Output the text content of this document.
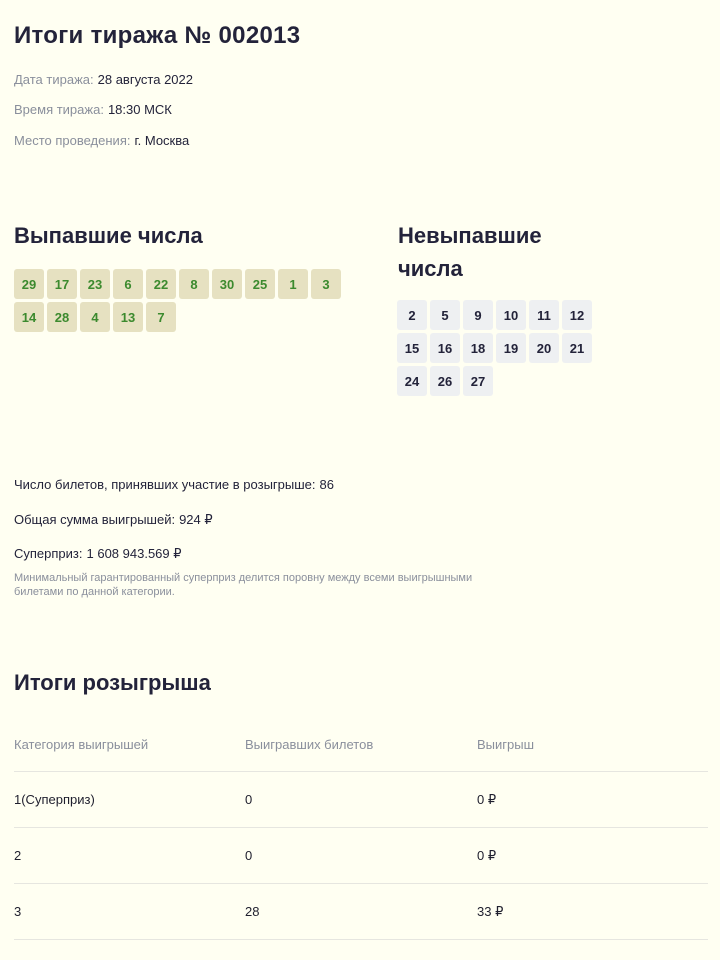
Итоги тиража № 002013
Дата тиража: 28 августа 2022
Время тиража: 18:30 МСК
Место проведения: г. Москва
Выпавшие числа
29	17	23	6	22	8	30	25	1	3
14	28	4	13	7
Невыпавшие числа
2	5	9	10	11	12
15	16	18	19	20	21
24	26	27
Число билетов, принявших участие в розыгрыше: 86
Общая сумма выигрышей: 924 ₽
Суперприз: 1 608 943.569 ₽
Минимальный гарантированный суперприз делится поровну между всеми выигрышными билетами по данной категории.
Итоги розыгрыша
Категория выигрышей	Выигравших билетов	Выигрыш
1(Суперприз)	0	0 ₽
2	0	0 ₽
3	28	33 ₽
